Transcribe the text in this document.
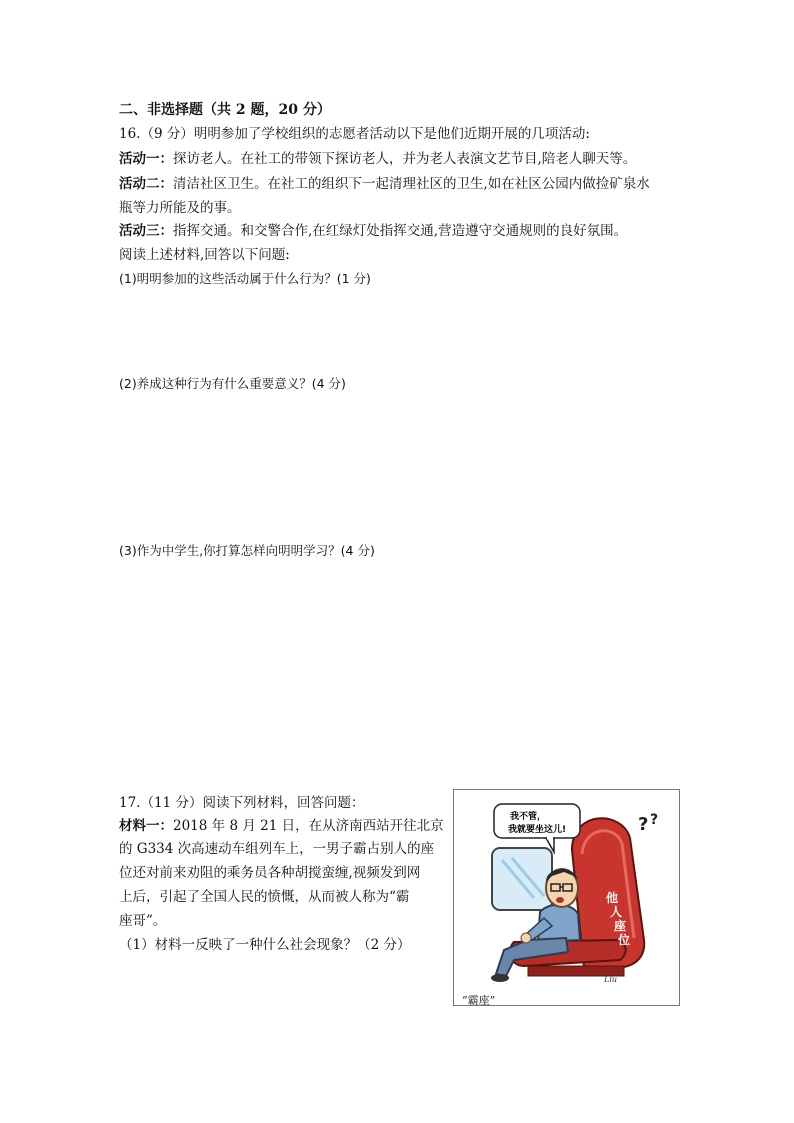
二、非选择题（共 2 题，20 分）
16.（9 分）明明参加了学校组织的志愿者活动以下是他们近期开展的几项活动:
活动一：探访老人。在社工的带领下探访老人，并为老人表演文艺节目,陪老人聊天等。
活动二：清洁社区卫生。在社工的组织下一起清理社区的卫生,如在社区公园内做捡矿泉水
瓶等力所能及的事。
活动三：指挥交通。和交警合作,在红绿灯处指挥交通,营造遵守交通规则的良好氛围。
阅读上述材料,回答以下问题:
(1)明明参加的这些活动属于什么行为？(1 分)
(2)养成这种行为有什么重要意义？(4 分)
(3)作为中学生,你打算怎样向明明学习？(4 分)
17.（11 分）阅读下列材料，回答问题：
材料一：2018 年 8 月 21 日，在从济南西站开往北京
的 G334 次高速动车组列车上，一男子霸占别人的座
位还对前来劝阻的乘务员各种胡搅蛮缠,视频发到网
上后，引起了全国人民的愤慨，从而被人称为“霸
座哥”。
（1）材料一反映了一种什么社会现象？（2 分）
他
人
座
位
? ?
我不管，
我就要坐这儿!
Liu
“霸座”
